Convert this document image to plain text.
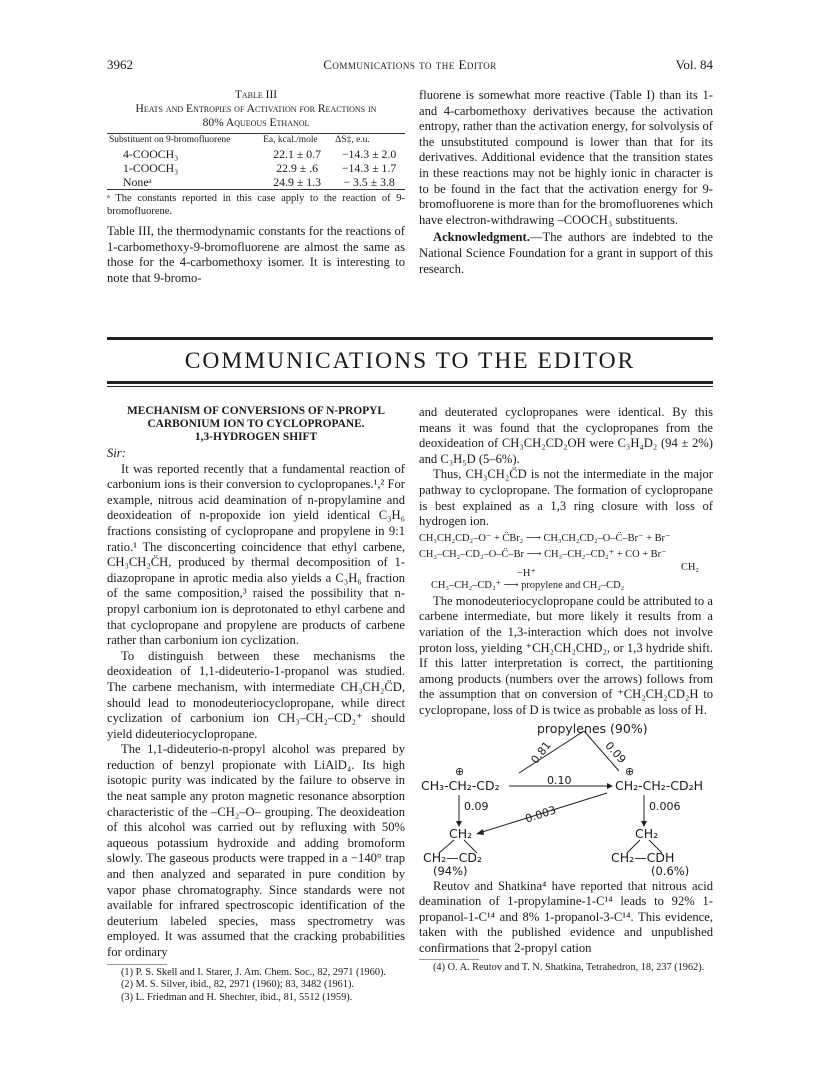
3962	Communications to the Editor	Vol. 84
Table III
Heats and Entropies of Activation for Reactions in
80% Aqueous Ethanol
Substituent on 9-bromofluorene	Ea, kcal./mole	ΔS‡, e.u.
4-COOCH₃	22.1 ± 0.7	−14.3 ± 2.0
1-COOCH₃	22.9 ± .6	−14.3 ± 1.7
Noneᵃ	24.9 ± 1.3	− 3.5 ± 3.8

ᵃ The constants reported in this case apply to the reaction of 9-bromofluorene.

Table III, the thermodynamic constants for the reactions of 1-carbomethoxy-9-bromofluorene are almost the same as those for the 4-carbomethoxy isomer. It is interesting to note that 9-bromo-

fluorene is somewhat more reactive (Table I) than its 1- and 4-carbomethoxy derivatives because the activation entropy, rather than the activation energy, for solvolysis of the unsubstituted compound is lower than that for its derivatives. Additional evidence that the transition states in these reactions may not be highly ionic in character is to be found in the fact that the activation energy for 9-bromofluorene is more than for the bromofluorenes which have electron-withdrawing –COOCH₃ substituents.

Acknowledgment.—The authors are indebted to the National Science Foundation for a grant in support of this research.

COMMUNICATIONS TO THE EDITOR
MECHANISM OF CONVERSIONS OF N-PROPYL
CARBONIUM ION TO CYCLOPROPANE.
1,3-HYDROGEN SHIFT

Sir:

It was reported recently that a fundamental reaction of carbonium ions is their conversion to cyclopropanes.¹,² For example, nitrous acid deamination of n-propylamine and deoxideation of n-propoxide ion yield identical C₃H₆ fractions consisting of cyclopropane and propylene in 9:1 ratio.¹ The disconcerting coincidence that ethyl carbene, CH₃CH₂C̈H, produced by thermal decomposition of 1-diazopropane in aprotic media also yields a C₃H₆ fraction of the same composition,³ raised the possibility that n-propyl carbonium ion is deprotonated to ethyl carbene and that cyclopropane and propylene are products of carbene rather than carbonium ion cyclization.

To distinguish between these mechanisms the deoxideation of 1,1-dideuterio-1-propanol was studied. The carbene mechanism, with intermediate CH₃CH₂C̈D, should lead to monodeuteriocyclopropane, while direct cyclization of carbonium ion CH₃–CH₂–CD₂⁺ should yield dideuteriocyclopropane.

The 1,1-dideuterio-n-propyl alcohol was prepared by reduction of benzyl propionate with LiAlD₄. Its high isotopic purity was indicated by the failure to observe in the neat sample any proton magnetic resonance absorption characteristic of the –CH₂–O– grouping. The deoxideation of this alcohol was carried out by refluxing with 50% aqueous potassium hydroxide and adding bromoform slowly. The gaseous products were trapped in a −140° trap and then analyzed and separated in pure condition by vapor phase chromatography. Since standards were not available for infrared spectroscopic identification of the deuterium labeled species, mass spectrometry was employed. It was assumed that the cracking probabilities for ordinary

(1) P. S. Skell and I. Starer, J. Am. Chem. Soc., 82, 2971 (1960).

(2) M. S. Silver, ibid., 82, 2971 (1960); 83, 3482 (1961).

(3) L. Friedman and H. Shechter, ibid., 81, 5512 (1959).

and deuterated cyclopropanes were identical. By this means it was found that the cyclopropanes from the deoxideation of CH₃CH₂CD₂OH were C₃H₄D₂ (94 ± 2%) and C₃H₅D (5–6%).

Thus, CH₃CH₂C̈D is not the intermediate in the major pathway to cyclopropane. The formation of cyclopropane is best explained as a 1,3 ring closure with loss of hydrogen ion.

CH₃CH₂CD₂–O⁻ + C̈Br₂ ⟶ CH₃CH₂CD₂–O–C̈–Br⁻ + Br⁻
CH₃–CH₂–CD₂–O–C̈–Br ⟶ CH₃–CH₂–CD₂⁺ + CO + Br⁻
CH₂
−H⁺
CH₃–CH₂–CD₂⁺ ⟶ propylene and CH₂–CD₂

The monodeuteriocyclopropane could be attributed to a carbene intermediate, but more likely it results from a variation of the 1,3-interaction which does not involve proton loss, yielding ⁺CH₂CH₂CHD₂, or 1,3 hydride shift. If this latter interpretation is correct, the partitioning among products (numbers over the arrows) follows from the assumption that on conversion of ⁺CH₂CH₂CD₂H to cyclopropane, loss of D is twice as probable as loss of H.

propylenes (90%)
0.81	0.09
⊕	⊕
CH₃-CH₂-CD₂	0.10	CH₂-CH₂-CD₂H
0.09	0.003	0.006
CH₂
CH₂—CD₂
CH₂
CH₂—CDH
(94%)	(0.6%)

Reutov and Shatkina⁴ have reported that nitrous acid deamination of 1-propylamine-1-C¹⁴ leads to 92% 1-propanol-1-C¹⁴ and 8% 1-propanol-3-C¹⁴. This evidence, taken with the published evidence and unpublished confirmations that 2-propyl cation

(4) O. A. Reutov and T. N. Shatkina, Tetrahedron, 18, 237 (1962).
